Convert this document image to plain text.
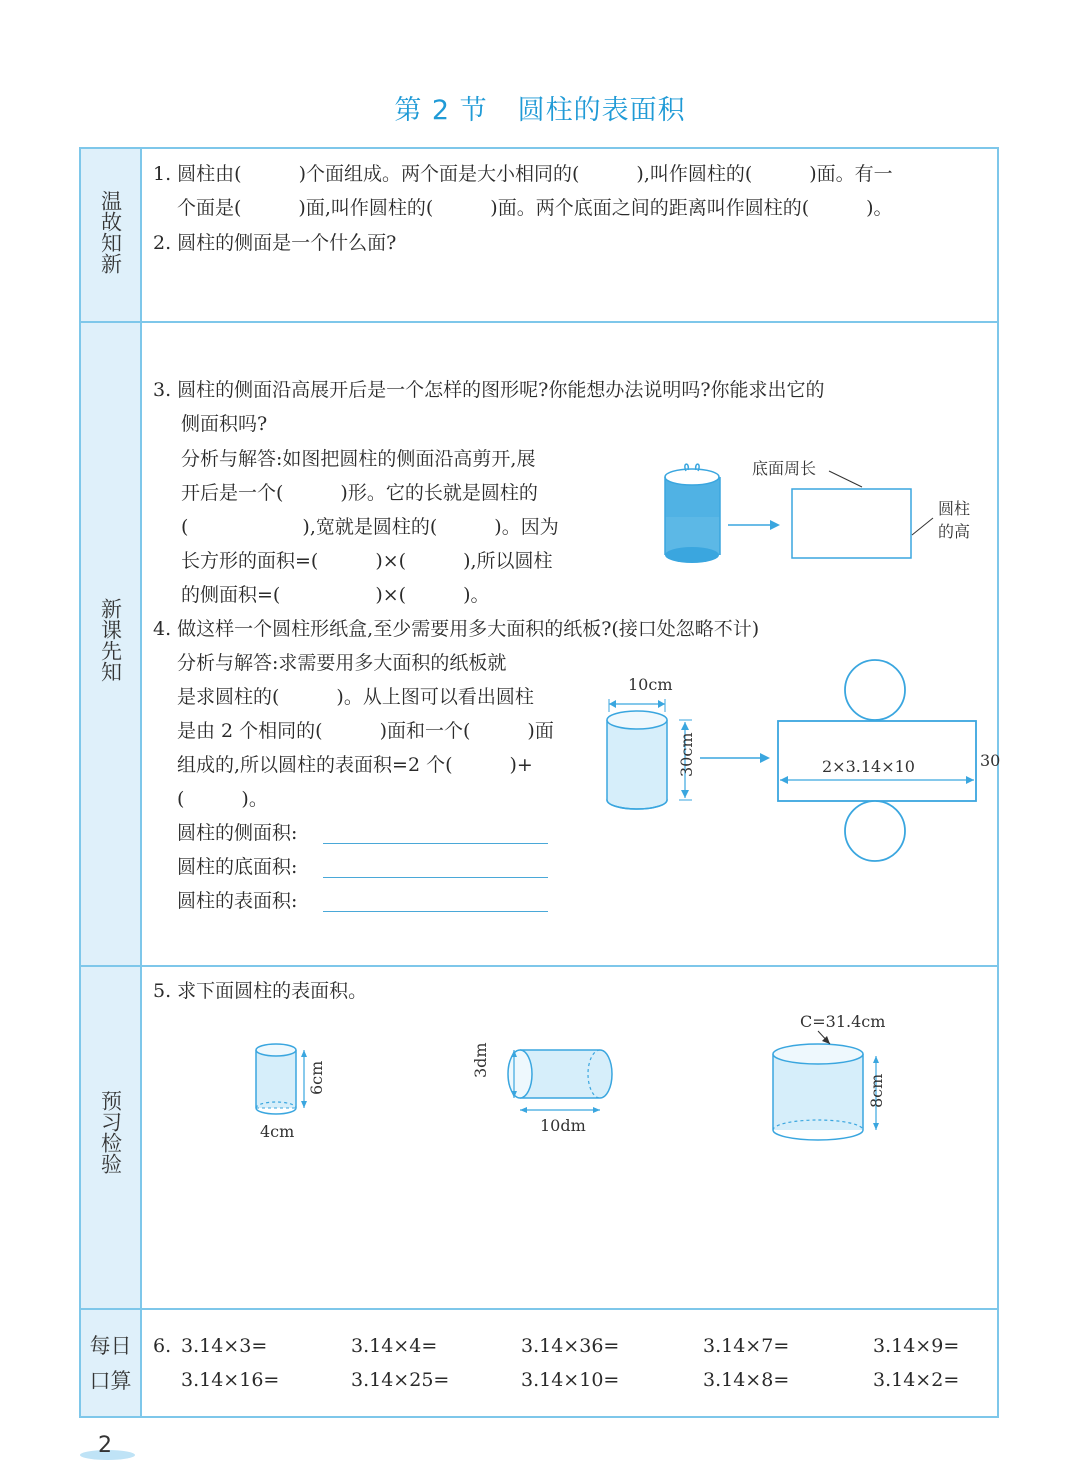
第 2 节 圆柱的表面积
温故知新
新课先知
预习检验
每日
口算
1. 圆柱由(　　　)个面组成。两个面是大小相同的(　　　),叫作圆柱的(　　　)面。有一
个面是(　　　)面,叫作圆柱的(　　　)面。两个底面之间的距离叫作圆柱的(　　　)。
2. 圆柱的侧面是一个什么面?
3. 圆柱的侧面沿高展开后是一个怎样的图形呢?你能想办法说明吗?你能求出它的
侧面积吗?
分析与解答:如图把圆柱的侧面沿高剪开,展
开后是一个(　　　)形。它的长就是圆柱的
(　　　　　　),宽就是圆柱的(　　　)。因为
长方形的面积=(　　　)×(　　　),所以圆柱
的侧面积=(　　　　　)×(　　　)。
底面周长
圆柱
的高
4. 做这样一个圆柱形纸盒,至少需要用多大面积的纸板?(接口处忽略不计)
分析与解答:求需要用多大面积的纸板就
是求圆柱的(　　　)。从上图可以看出圆柱
是由 2 个相同的(　　　)面和一个(　　　)面
组成的,所以圆柱的表面积=2 个(　　　)+
(　　　)。
圆柱的侧面积:
圆柱的底面积:
圆柱的表面积:
10cm
30cm	2×3.14×10	30
5. 求下面圆柱的表面积。
6cm
4cm
3dm
10dm
C=31.4cm
8cm
6. 3.14×3=	3.14×4=	3.14×36=	3.14×7=	3.14×9=
3.14×16=	3.14×25=	3.14×10=	3.14×8=	3.14×2=
2
